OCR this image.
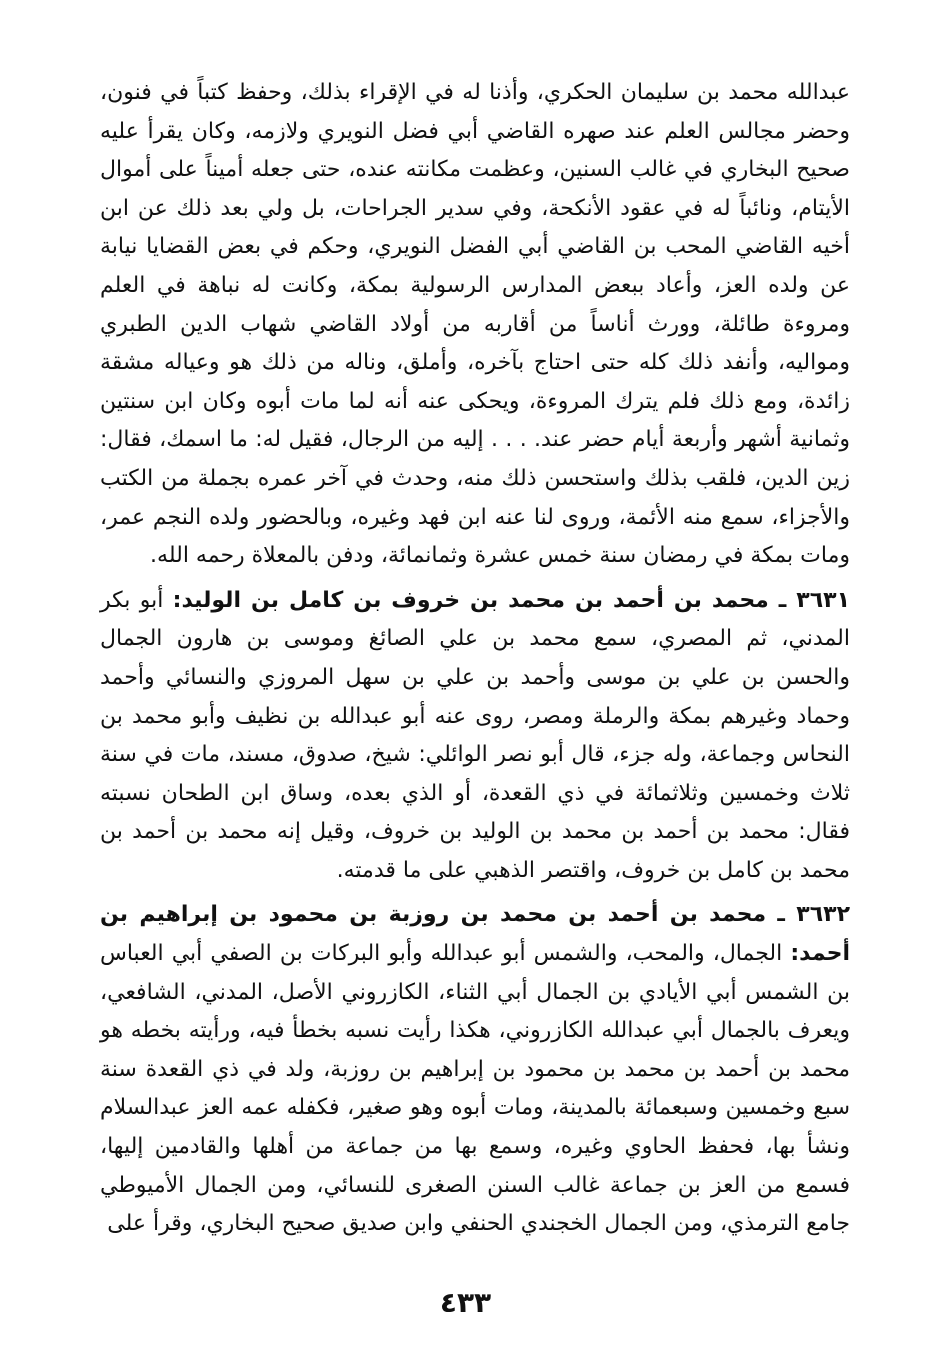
عبدالله محمد بن سليمان الحكري، وأذنا له في الإقراء بذلك، وحفظ كتباً في فنون، وحضر مجالس العلم عند صهره القاضي أبي فضل النويري ولازمه، وكان يقرأ عليه صحيح البخاري في غالب السنين، وعظمت مكانته عنده، حتى جعله أميناً على أموال الأيتام، ونائباً له في عقود الأنكحة، وفي سدير الجراحات، بل ولي بعد ذلك عن ابن أخيه القاضي المحب بن القاضي أبي الفضل النويري، وحكم في بعض القضايا نيابة عن ولده العز، وأعاد ببعض المدارس الرسولية بمكة، وكانت له نباهة في العلم ومروءة طائلة، وورث أناساً من أقاربه من أولاد القاضي شهاب الدين الطبري ومواليه، وأنفد ذلك كله حتى احتاج بآخره، وأملق، وناله من ذلك هو وعياله مشقة زائدة، ومع ذلك فلم يترك المروءة، ويحكى عنه أنه لما مات أبوه وكان ابن سنتين وثمانية أشهر وأربعة أيام حضر عند. . . . إليه من الرجال، فقيل له: ما اسمك، فقال: زين الدين، فلقب بذلك واستحسن ذلك منه، وحدث في آخر عمره بجملة من الكتب والأجزاء، سمع منه الأئمة، وروى لنا عنه ابن فهد وغيره، وبالحضور ولده النجم عمر، ومات بمكة في رمضان سنة خمس عشرة وثمانمائة، ودفن بالمعلاة رحمه الله.

٣٦٣١ ـ محمد بن أحمد بن محمد بن خروف بن كامل بن الوليد: أبو بكر المدني، ثم المصري، سمع محمد بن علي الصائغ وموسى بن هارون الجمال والحسن بن علي بن موسى وأحمد بن علي بن سهل المروزي والنسائي وأحمد وحماد وغيرهم بمكة والرملة ومصر، روى عنه أبو عبدالله بن نظيف وأبو محمد بن النحاس وجماعة، وله جزء، قال أبو نصر الوائلي: شيخ، صدوق، مسند، مات في سنة ثلاث وخمسين وثلاثمائة في ذي القعدة، أو الذي بعده، وساق ابن الطحان نسبته فقال: محمد بن أحمد بن محمد بن الوليد بن خروف، وقيل إنه محمد بن أحمد بن محمد بن كامل بن خروف، واقتصر الذهبي على ما قدمته.

٣٦٣٢ ـ محمد بن أحمد بن محمد بن روزبة بن محمود بن إبراهيم بن أحمد: الجمال، والمحب، والشمس أبو عبدالله وأبو البركات بن الصفي أبي العباس بن الشمس أبي الأيادي بن الجمال أبي الثناء، الكازروني الأصل، المدني، الشافعي، ويعرف بالجمال أبي عبدالله الكازروني، هكذا رأيت نسبه بخطأ فيه، ورأيته بخطه هو محمد بن أحمد بن محمد بن محمود بن إبراهيم بن روزبة، ولد في ذي القعدة سنة سبع وخمسين وسبعمائة بالمدينة، ومات أبوه وهو صغير، فكفله عمه العز عبدالسلام ونشأ بها، فحفظ الحاوي وغيره، وسمع بها من جماعة من أهلها والقادمين إليها، فسمع من العز بن جماعة غالب السنن الصغرى للنسائي، ومن الجمال الأميوطي جامع الترمذي، ومن الجمال الخجندي الحنفي وابن صديق صحيح البخاري، وقرأ على

٤٣٣
